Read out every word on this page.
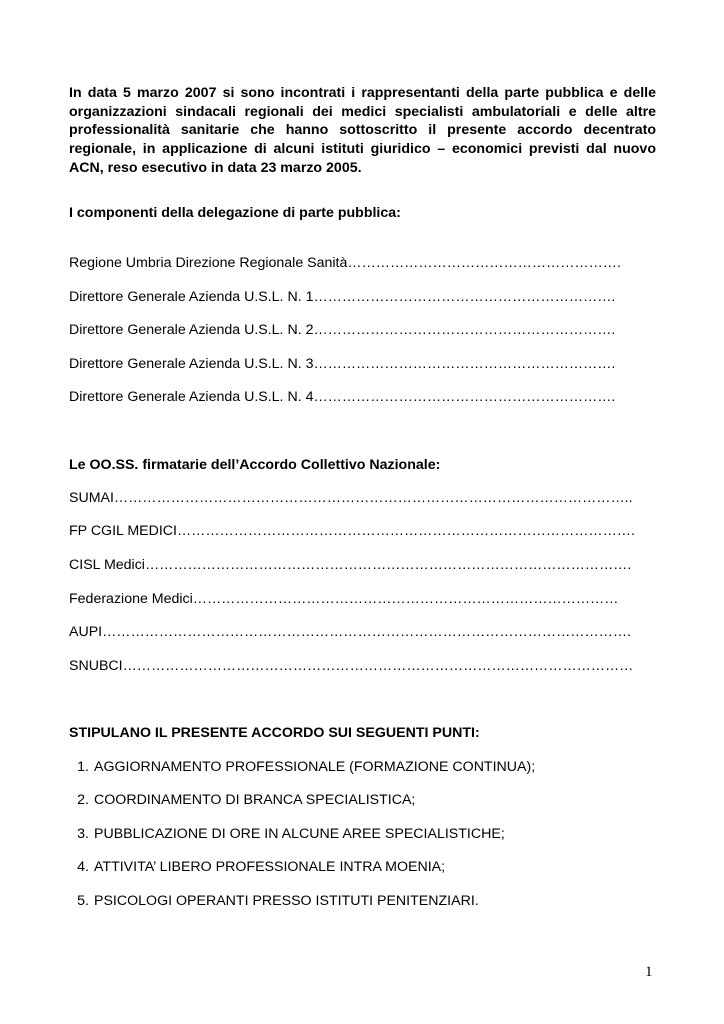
In data 5 marzo 2007 si sono incontrati i rappresentanti della parte pubblica e delle organizzazioni sindacali regionali dei medici specialisti ambulatoriali e delle altre professionalità sanitarie che hanno sottoscritto il presente accordo decentrato regionale, in applicazione di alcuni istituti giuridico – economici previsti dal nuovo ACN, reso esecutivo in data 23 marzo 2005.

I componenti della delegazione di parte pubblica:

Regione Umbria Direzione Regionale Sanità………………………………………………….

Direttore Generale Azienda U.S.L. N. 1……………………………………………………….

Direttore Generale Azienda U.S.L. N. 2……………………………………………………….

Direttore Generale Azienda U.S.L. N. 3……………………………………………………….

Direttore Generale Azienda U.S.L. N. 4……………………………………………………….

Le OO.SS. firmatarie dell’Accordo Collettivo Nazionale:

SUMAI………………………………………………………………………………………………..

FP CGIL MEDICI…………………………………………………………………………………….

CISL Medici………………………………………………………………………………………….

Federazione Medici………………………………………………………………………………

AUPI………………………………………………………………………………………………….

SNUBCI………………………………………………………………………………………………

STIPULANO IL PRESENTE ACCORDO SUI SEGUENTI PUNTI:

1. AGGIORNAMENTO PROFESSIONALE (FORMAZIONE CONTINUA);
2. COORDINAMENTO DI BRANCA SPECIALISTICA;
3. PUBBLICAZIONE DI ORE IN ALCUNE AREE SPECIALISTICHE;
4. ATTIVITA’ LIBERO PROFESSIONALE INTRA MOENIA;
5. PSICOLOGI OPERANTI PRESSO ISTITUTI PENITENZIARI.

1
